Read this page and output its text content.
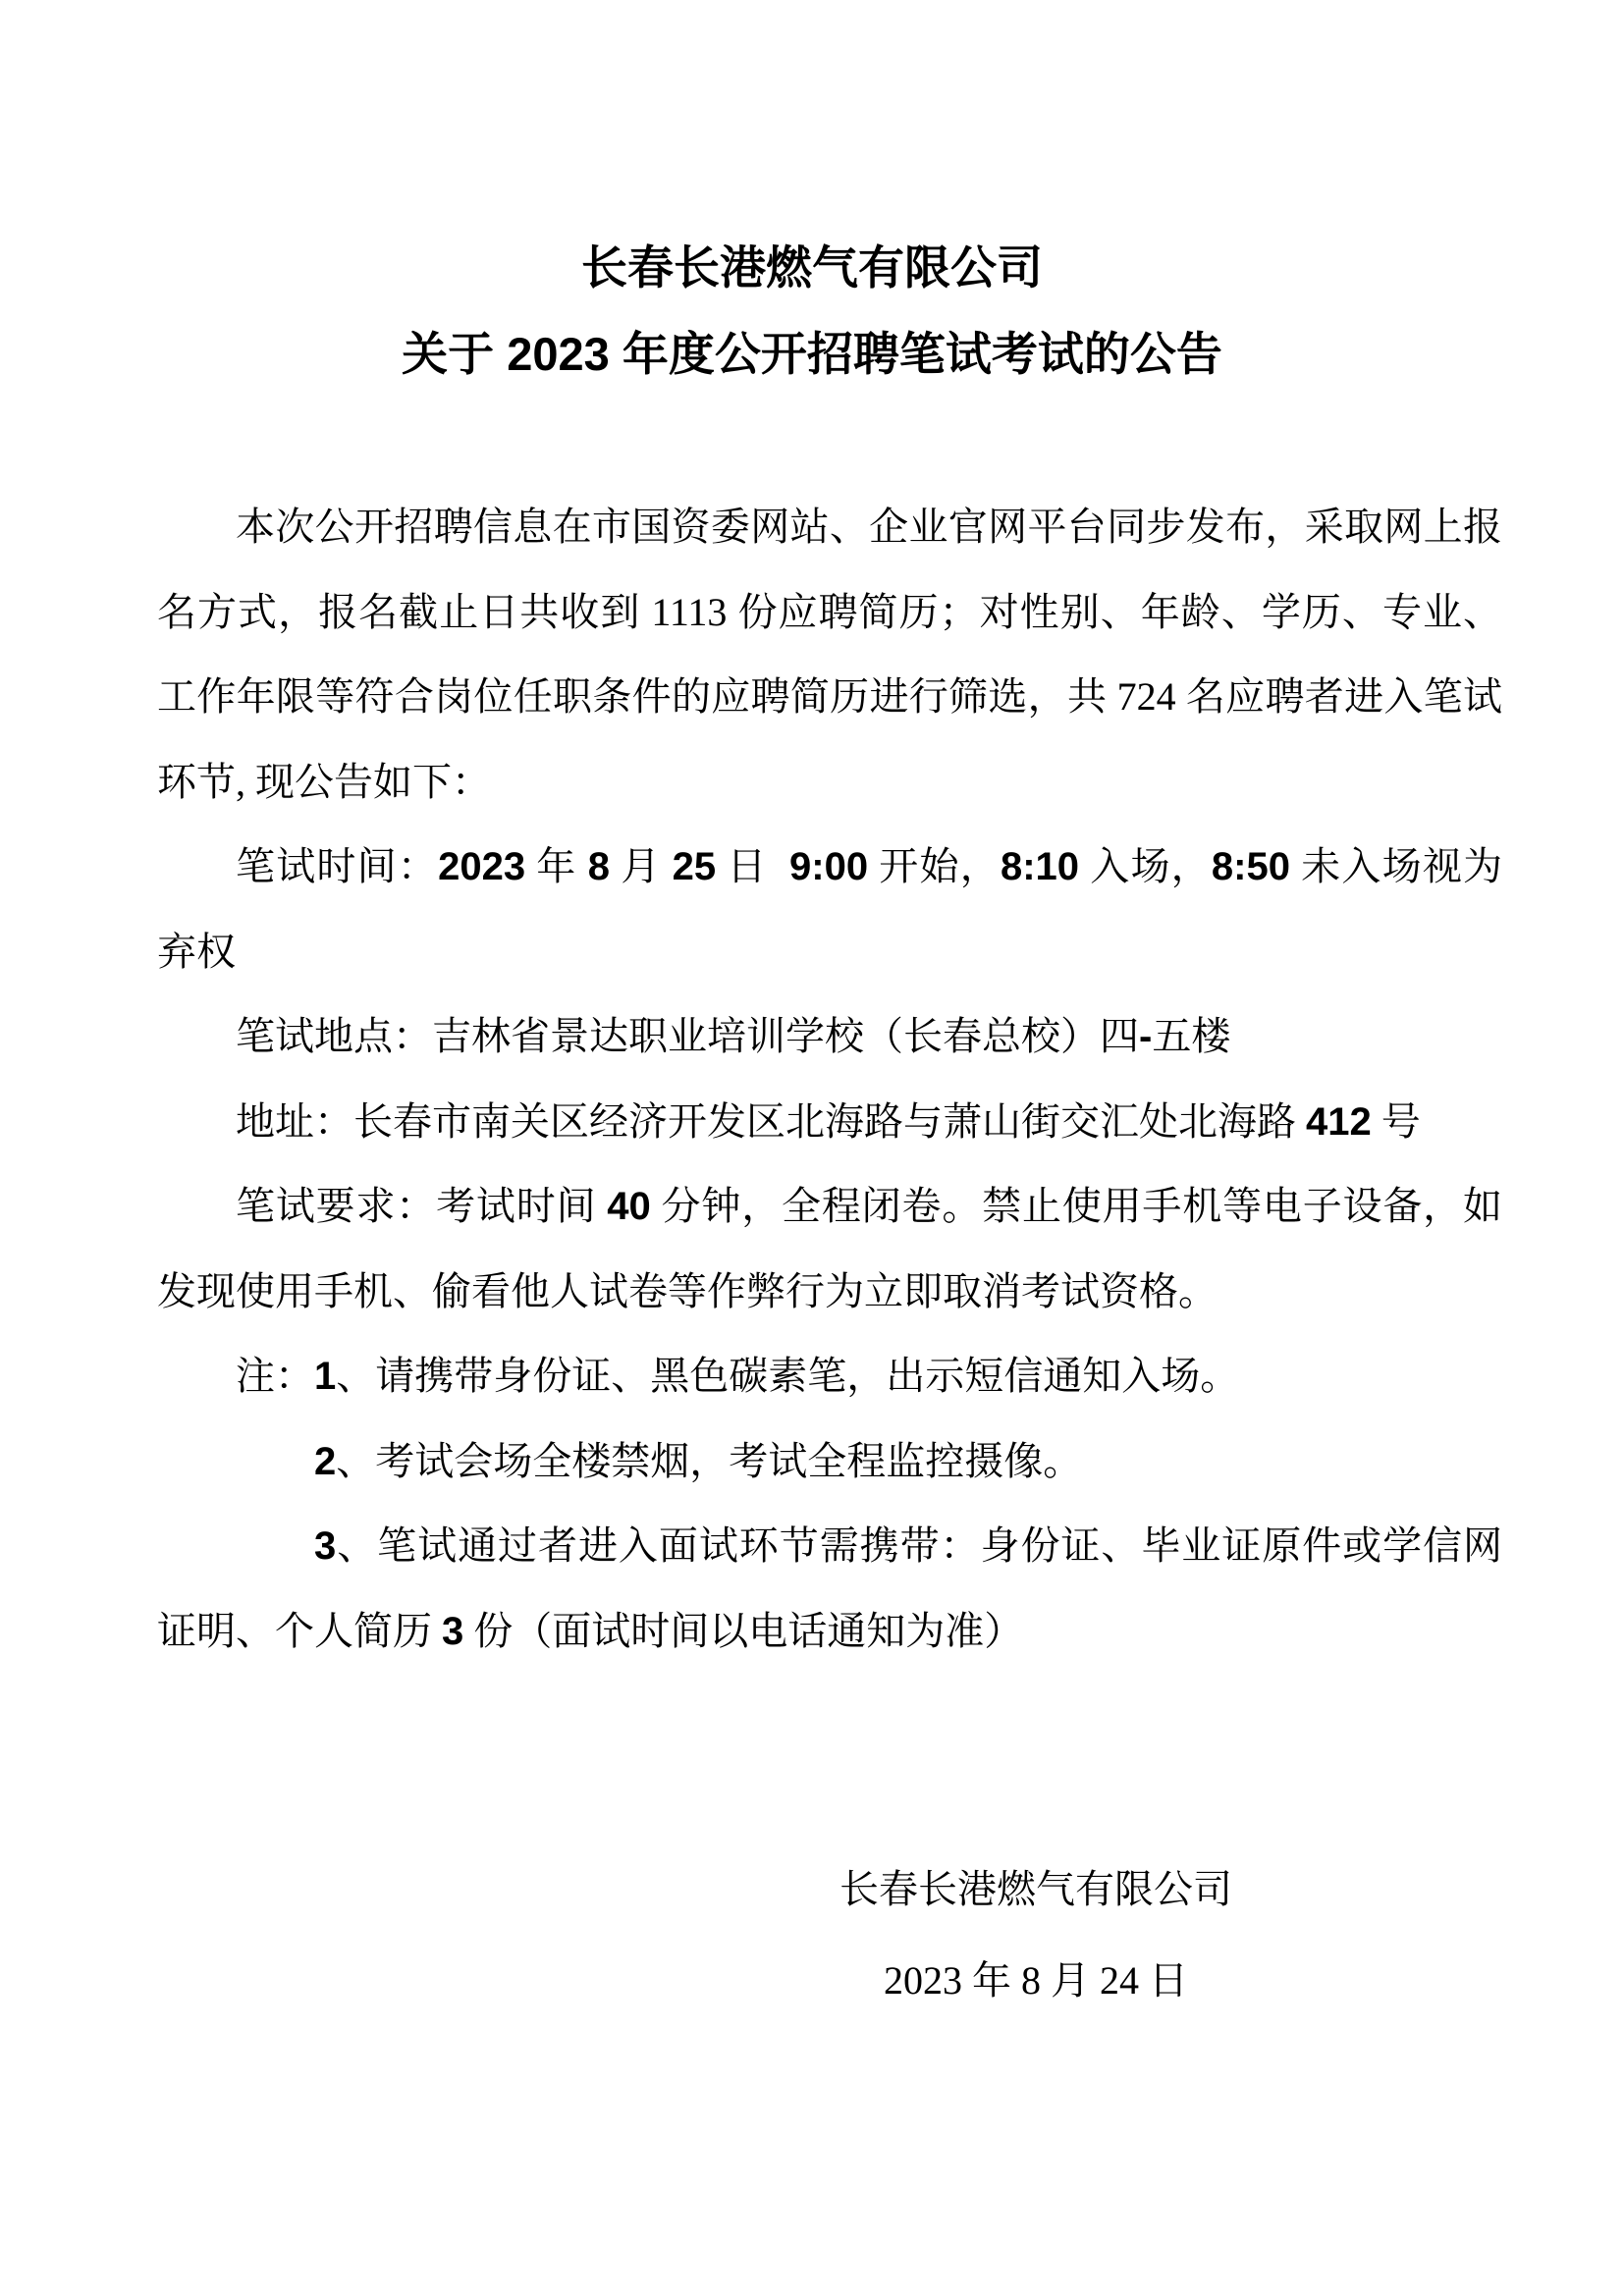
长春长港燃气有限公司
关于 2023 年度公开招聘笔试考试的公告

本次公开招聘信息在市国资委网站、企业官网平台同步发布，采取网上报名方式，报名截止日共收到 1113 份应聘简历；对性别、年龄、学历、专业、工作年限等符合岗位任职条件的应聘简历进行筛选，共 724 名应聘者进入笔试环节, 现公告如下：

笔试时间：2023 年 8 月 25 日  9:00 开始，8:10 入场，8:50 未入场视为弃权

笔试地点：吉林省景达职业培训学校（长春总校）四-五楼

地址：长春市南关区经济开发区北海路与萧山街交汇处北海路 412 号

笔试要求：考试时间 40 分钟，全程闭卷。禁止使用手机等电子设备，如发现使用手机、偷看他人试卷等作弊行为立即取消考试资格。

注：1、请携带身份证、黑色碳素笔，出示短信通知入场。

2、考试会场全楼禁烟，考试全程监控摄像。

3、笔试通过者进入面试环节需携带：身份证、毕业证原件或学信网证明、个人简历 3 份（面试时间以电话通知为准）

长春长港燃气有限公司
2023 年 8 月 24 日
